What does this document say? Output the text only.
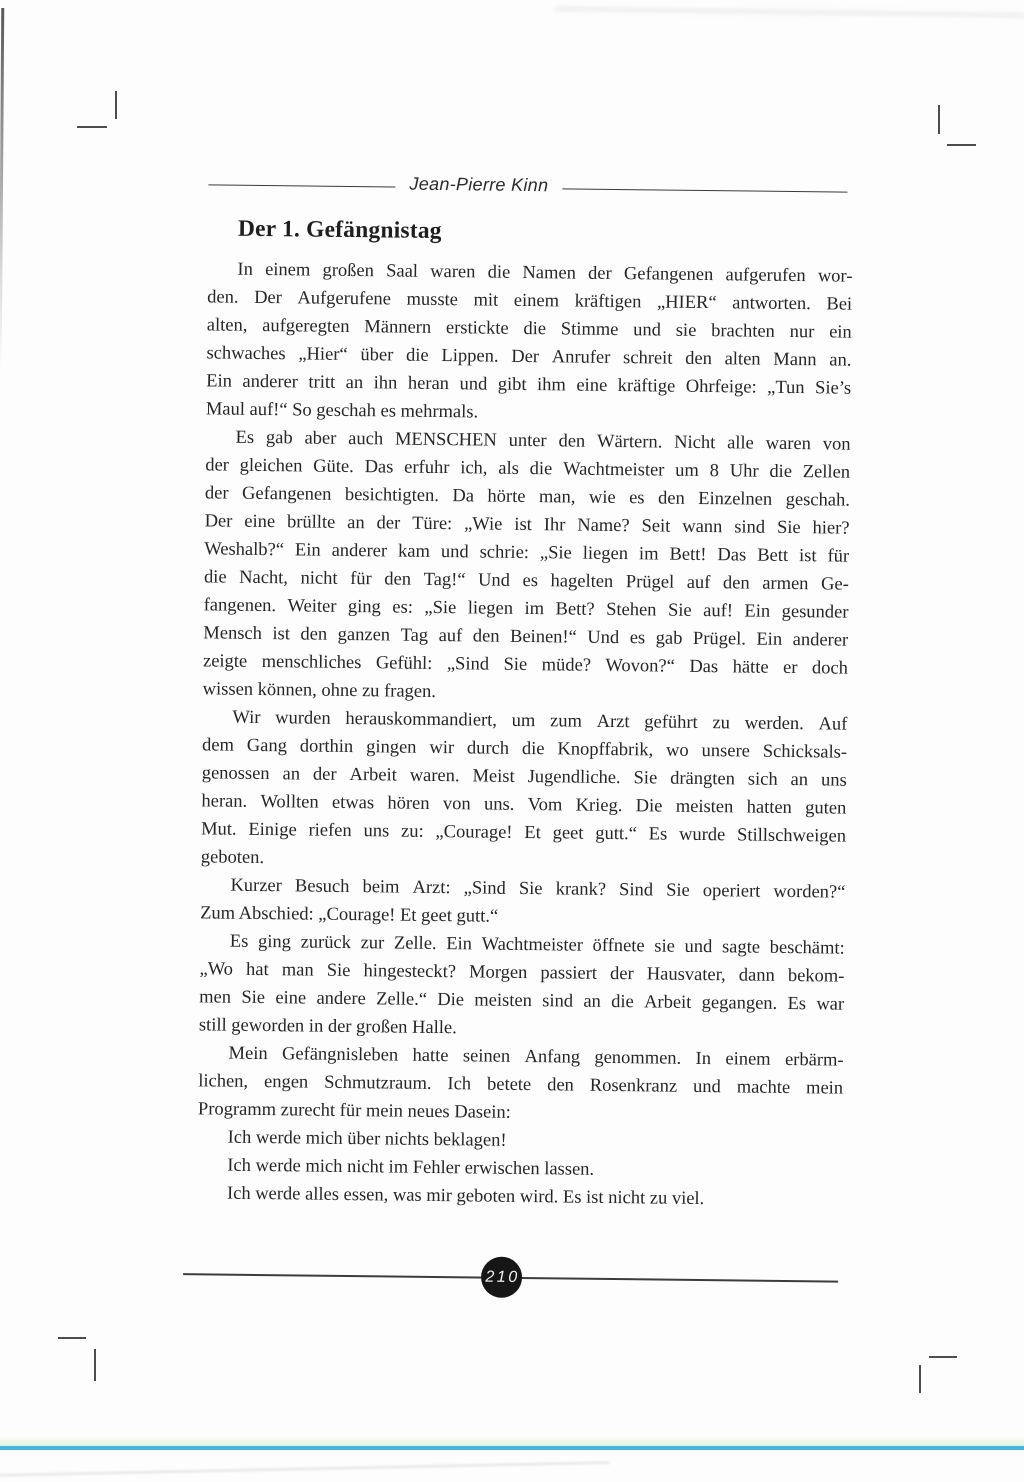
Jean-Pierre Kinn
Der 1. Gefängnistag
In einem großen Saal waren die Namen der Gefangenen aufgerufen wor-
den. Der Aufgerufene musste mit einem kräftigen „HIER“ antworten. Bei
alten, aufgeregten Männern erstickte die Stimme und sie brachten nur ein
schwaches „Hier“ über die Lippen. Der Anrufer schreit den alten Mann an.
Ein anderer tritt an ihn heran und gibt ihm eine kräftige Ohrfeige: „Tun Sie’s
Maul auf!“ So geschah es mehrmals.
Es gab aber auch MENSCHEN unter den Wärtern. Nicht alle waren von
der gleichen Güte. Das erfuhr ich, als die Wachtmeister um 8 Uhr die Zellen
der Gefangenen besichtigten. Da hörte man, wie es den Einzelnen geschah.
Der eine brüllte an der Türe: „Wie ist Ihr Name? Seit wann sind Sie hier?
Weshalb?“ Ein anderer kam und schrie: „Sie liegen im Bett! Das Bett ist für
die Nacht, nicht für den Tag!“ Und es hagelten Prügel auf den armen Ge-
fangenen. Weiter ging es: „Sie liegen im Bett? Stehen Sie auf! Ein gesunder
Mensch ist den ganzen Tag auf den Beinen!“ Und es gab Prügel. Ein anderer
zeigte menschliches Gefühl: „Sind Sie müde? Wovon?“ Das hätte er doch
wissen können, ohne zu fragen.
Wir wurden herauskommandiert, um zum Arzt geführt zu werden. Auf
dem Gang dorthin gingen wir durch die Knopffabrik, wo unsere Schicksals-
genossen an der Arbeit waren. Meist Jugendliche. Sie drängten sich an uns
heran. Wollten etwas hören von uns. Vom Krieg. Die meisten hatten guten
Mut. Einige riefen uns zu: „Courage! Et geet gutt.“ Es wurde Stillschweigen
geboten.
Kurzer Besuch beim Arzt: „Sind Sie krank? Sind Sie operiert worden?“
Zum Abschied: „Courage! Et geet gutt.“
Es ging zurück zur Zelle. Ein Wachtmeister öffnete sie und sagte beschämt:
„Wo hat man Sie hingesteckt? Morgen passiert der Hausvater, dann bekom-
men Sie eine andere Zelle.“ Die meisten sind an die Arbeit gegangen. Es war
still geworden in der großen Halle.
Mein Gefängnisleben hatte seinen Anfang genommen. In einem erbärm-
lichen, engen Schmutzraum. Ich betete den Rosenkranz und machte mein
Programm zurecht für mein neues Dasein:
Ich werde mich über nichts beklagen!
Ich werde mich nicht im Fehler erwischen lassen.
Ich werde alles essen, was mir geboten wird. Es ist nicht zu viel.
210
